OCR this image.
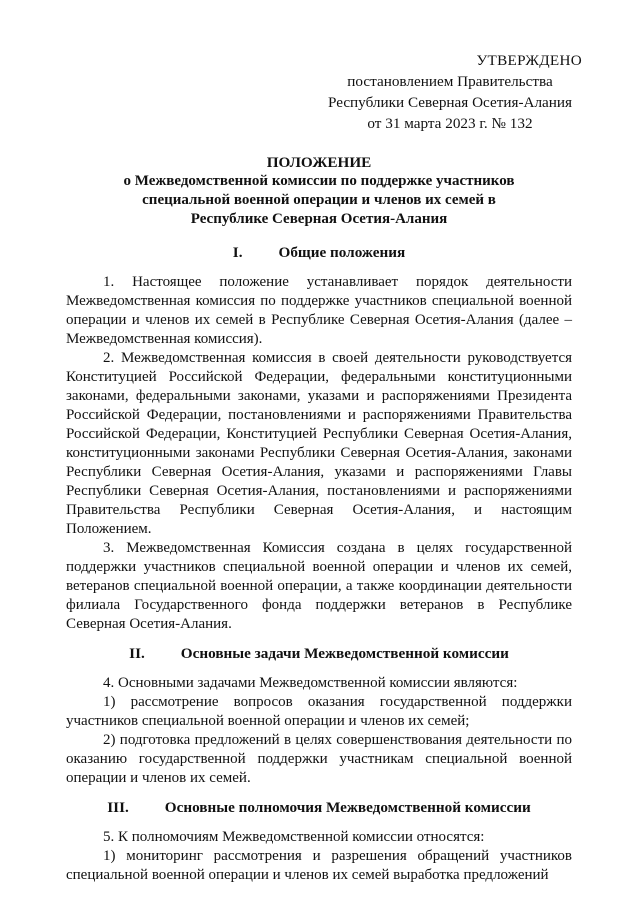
УТВЕРЖДЕНО
постановлением Правительства
Республики Северная Осетия-Алания
от 31 марта 2023 г. № 132
ПОЛОЖЕНИЕ
о Межведомственной комиссии по поддержке участников
специальной военной операции и членов их семей в
Республике Северная Осетия-Алания
I. Общие положения

1. Настоящее положение устанавливает порядок деятельности Межведомственная комиссия по поддержке участников специальной военной операции и членов их семей в Республике Северная Осетия-Алания (далее – Межведомственная комиссия).

2. Межведомственная комиссия в своей деятельности руководствуется Конституцией Российской Федерации, федеральными конституционными законами, федеральными законами, указами и распоряжениями Президента Российской Федерации, постановлениями и распоряжениями Правительства Российской Федерации, Конституцией Республики Северная Осетия-Алания, конституционными законами Республики Северная Осетия-Алания, законами Республики Северная Осетия-Алания, указами и распоряжениями Главы Республики Северная Осетия-Алания, постановлениями и распоряжениями Правительства Республики Северная Осетия-Алания, и настоящим Положением.

3. Межведомственная Комиссия создана в целях государственной поддержки участников специальной военной операции и членов их семей, ветеранов специальной военной операции, а также координации деятельности филиала Государственного фонда поддержки ветеранов в Республике Северная Осетия-Алания.

II. Основные задачи Межведомственной комиссии

4. Основными задачами Межведомственной комиссии являются:

1) рассмотрение вопросов оказания государственной поддержки участников специальной военной операции и членов их семей;

2) подготовка предложений в целях совершенствования деятельности по оказанию государственной поддержки участникам специальной военной операции и членов их семей.

III. Основные полномочия Межведомственной комиссии

5. К полномочиям Межведомственной комиссии относятся:

1) мониторинг рассмотрения и разрешения обращений участников специальной военной операции и членов их семей выработка предложений
